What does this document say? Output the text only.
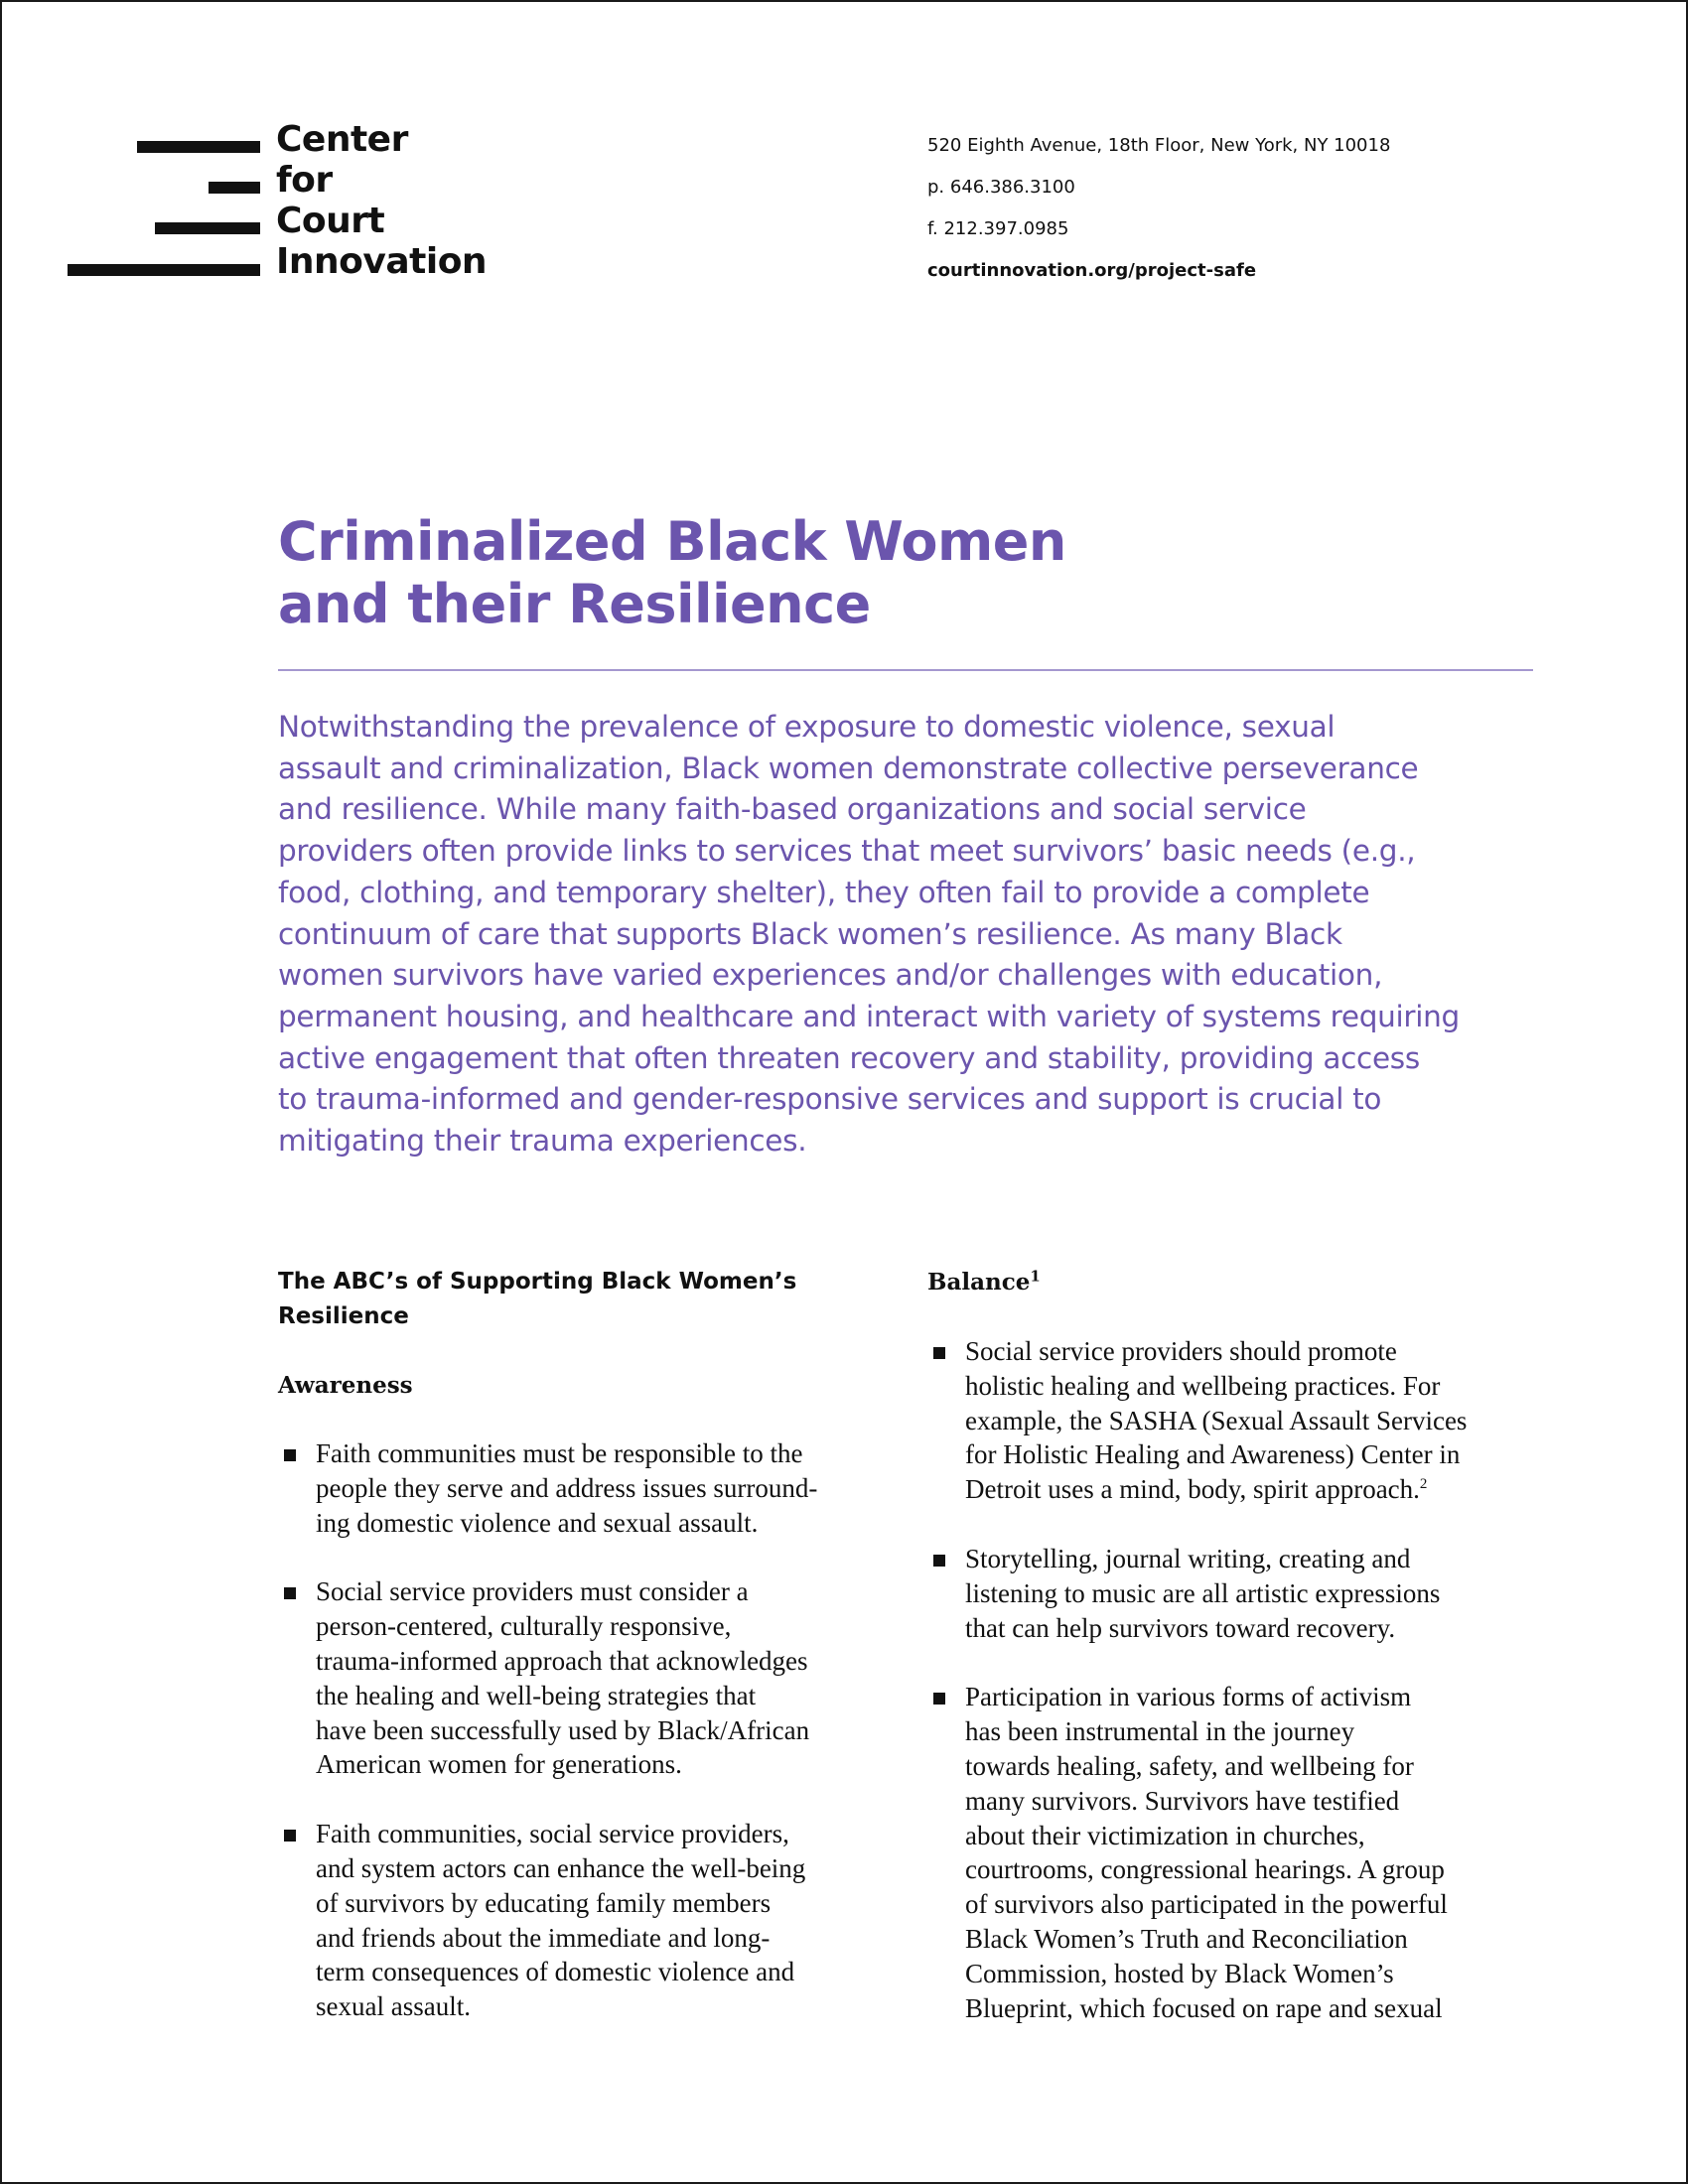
Center
for
Court
Innovation
520 Eighth Avenue, 18th Floor, New York, NY 10018
p. 646.386.3100
f. 212.397.0985
courtinnovation.org/project-safe
Criminalized Black Women
and their Resilience
Notwithstanding the prevalence of exposure to domestic violence, sexual
assault and criminalization, Black women demonstrate collective perseverance
and resilience. While many faith-based organizations and social service
providers often provide links to services that meet survivors’ basic needs (e.g.,
food, clothing, and temporary shelter), they often fail to provide a complete
continuum of care that supports Black women’s resilience. As many Black
women survivors have varied experiences and/or challenges with education,
permanent housing, and healthcare and interact with variety of systems requiring
active engagement that often threaten recovery and stability, providing access
to trauma-informed and gender-responsive services and support is crucial to
mitigating their trauma experiences.
The ABC’s of Supporting Black Women’s
Resilience
Awareness
Faith communities must be responsible to the
people they serve and address issues surround-
ing domestic violence and sexual assault.
Social service providers must consider a
person-centered, culturally responsive,
trauma-informed approach that acknowledges
the healing and well-being strategies that
have been successfully used by Black/African
American women for generations.
Faith communities, social service providers,
and system actors can enhance the well-being
of survivors by educating family members
and friends about the immediate and long-
term consequences of domestic violence and
sexual assault.
Balance$^1$
Social service providers should promote
holistic healing and wellbeing practices. For
example, the SASHA (Sexual Assault Services
for Holistic Healing and Awareness) Center in
Detroit uses a mind, body, spirit approach.$^2$
Storytelling, journal writing, creating and
listening to music are all artistic expressions
that can help survivors toward recovery.
Participation in various forms of activism
has been instrumental in the journey
towards healing, safety, and wellbeing for
many survivors. Survivors have testified
about their victimization in churches,
courtrooms, congressional hearings. A group
of survivors also participated in the powerful
Black Women’s Truth and Reconciliation
Commission, hosted by Black Women’s
Blueprint, which focused on rape and sexual
